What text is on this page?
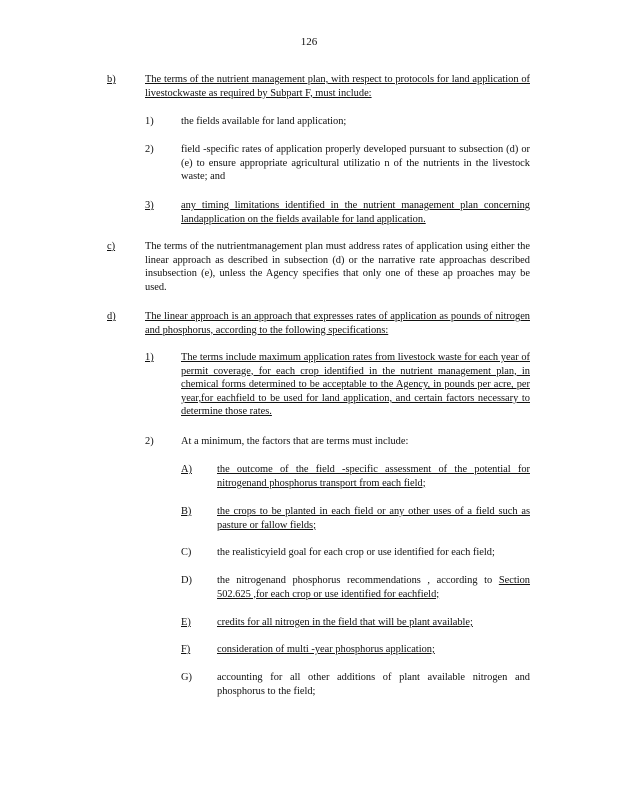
126
b)	The terms of the nutrient management plan, with respect to protocols for land application of livestockwaste as required by Subpart F, must include:
1)	the fields available for land application;
2)	field -specific rates of application properly developed pursuant to subsection (d) or (e) to ensure appropriate agricultural utilizatio n of the nutrients in the livestock waste; and
3)	any timing limitations identified in the nutrient management plan concerning landapplication on the fields available for land application.
c)	The terms of the nutrientmanagement plan must address rates of application using either the linear approach as described in subsection (d) or the narrative rate approachas described insubsection (e), unless the Agency specifies that only one of these ap proaches may be used.
d)	The linear approach is an approach that expresses rates of application as pounds of nitrogen and phosphorus, according to the following specifications:
1)	The terms include maximum application rates from livestock waste for each year of permit coverage, for each crop identified in the nutrient management plan, in chemical forms determined to be acceptable to the Agency, in pounds per acre, per year,for eachfield to be used for land application, and certain factors necessary to determine those rates.
2)	At a minimum, the factors that are terms must include:
A) the outcome of the field -specific assessment of the potential for nitrogenand phosphorus transport from each field;
B) the crops to be planted in each field or any other uses of a field such as pasture or fallow fields;
C) the realisticyield goal for each crop or use identified for each field;
D) the nitrogenand phosphorus recommendations , according to Section 502.625 ,for each crop or use identified for eachfield;
E)	credits for all nitrogen in the field that will be plant available;
F)	consideration of multi -year phosphorus application;
G) accounting for all other additions of plant available nitrogen and phosphorus to the field;
